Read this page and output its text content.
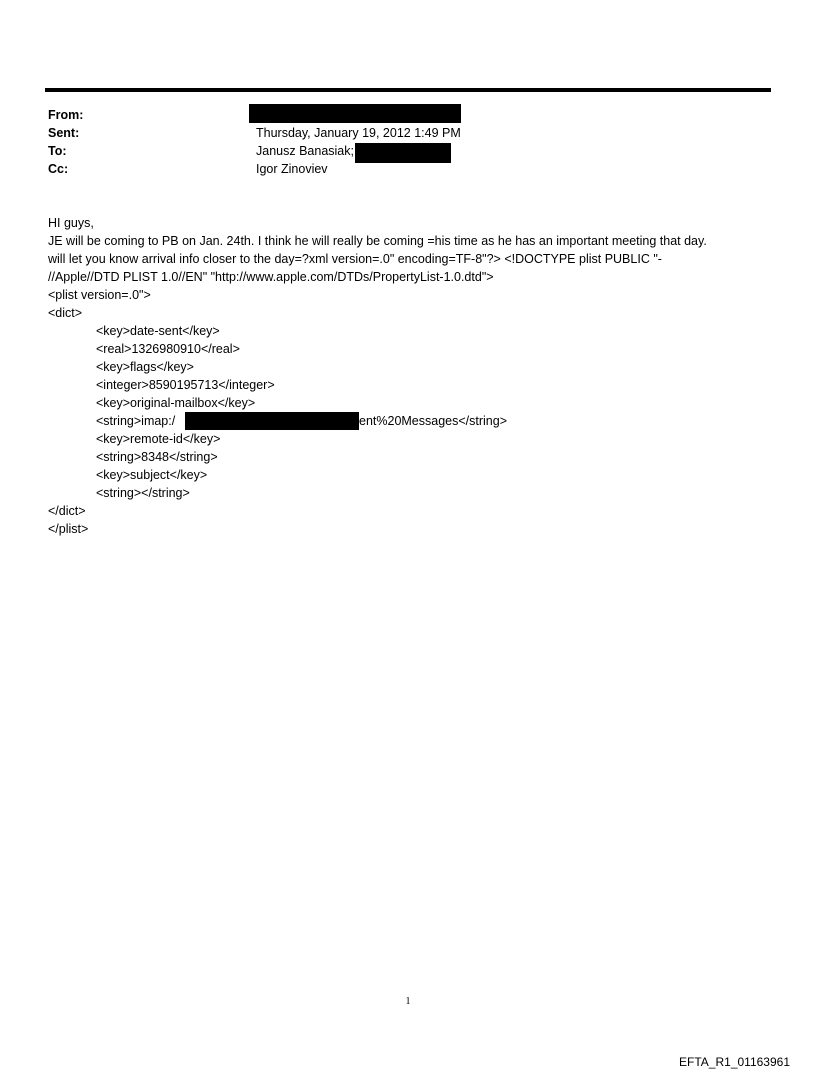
From:
Sent:	Thursday, January 19, 2012 1:49 PM
To:	Janusz Banasiak;
Cc:	Igor Zinoviev
HI guys,
JE will be coming to PB on Jan. 24th. I think he will really be coming =his time as he has an important meeting that day.
will let you know arrival info closer to the day=?xml version=.0" encoding=TF-8"?> <!DOCTYPE plist PUBLIC "-
//Apple//DTD PLIST 1.0//EN" "http://www.apple.com/DTDs/PropertyList-1.0.dtd">
<plist version=.0">
<dict>
<key>date-sent</key>
<real>1326980910</real>
<key>flags</key>
<integer>8590195713</integer>
<key>original-mailbox</key>
<string>imap:/	ent%20Messages</string>
<key>remote-id</key>
<string>8348</string>
<key>subject</key>
<string></string>
</dict>
</plist>
1
EFTA_R1_01163961
